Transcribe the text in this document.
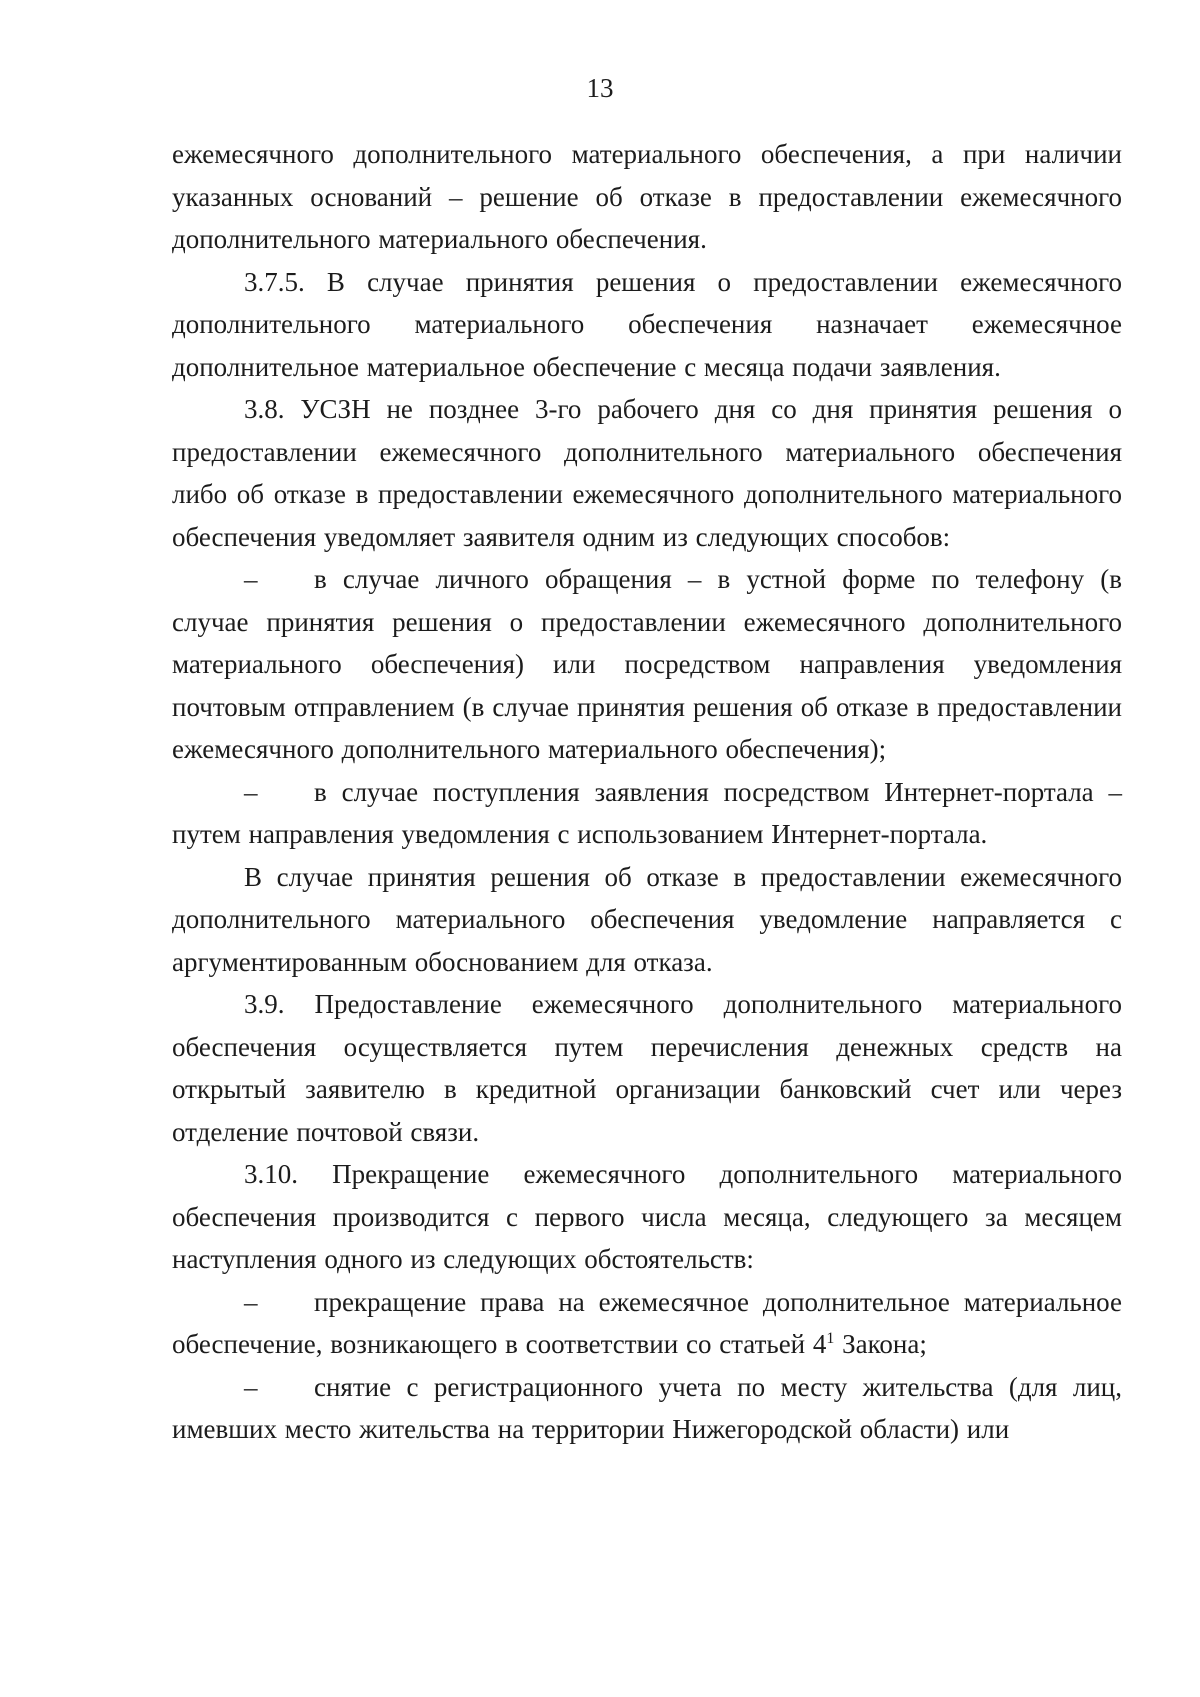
13

ежемесячного дополнительного материального обеспечения, а при наличии указанных оснований – решение об отказе в предоставлении ежемесячного дополнительного материального обеспечения.

3.7.5. В случае принятия решения о предоставлении ежемесячного дополнительного материального обеспечения назначает ежемесячное дополнительное материальное обеспечение с месяца подачи заявления.

3.8. УСЗН не позднее 3-го рабочего дня со дня принятия решения о предоставлении ежемесячного дополнительного материального обеспечения либо об отказе в предоставлении ежемесячного дополнительного материального обеспечения уведомляет заявителя одним из следующих способов:

– в случае личного обращения – в устной форме по телефону (в случае принятия решения о предоставлении ежемесячного дополнительного материального обеспечения) или посредством направления уведомления почтовым отправлением (в случае принятия решения об отказе в предоставлении ежемесячного дополнительного материального обеспечения);

– в случае поступления заявления посредством Интернет-портала – путем направления уведомления с использованием Интернет-портала.

В случае принятия решения об отказе в предоставлении ежемесячного дополнительного материального обеспечения уведомление направляется с аргументированным обоснованием для отказа.

3.9. Предоставление ежемесячного дополнительного материального обеспечения осуществляется путем перечисления денежных средств на открытый заявителю в кредитной организации банковский счет или через отделение почтовой связи.

3.10. Прекращение ежемесячного дополнительного материального обеспечения производится с первого числа месяца, следующего за месяцем наступления одного из следующих обстоятельств:

– прекращение права на ежемесячное дополнительное материальное обеспечение, возникающего в соответствии со статьей $4^1$ Закона;

– снятие с регистрационного учета по месту жительства (для лиц, имевших место жительства на территории Нижегородской области) или
